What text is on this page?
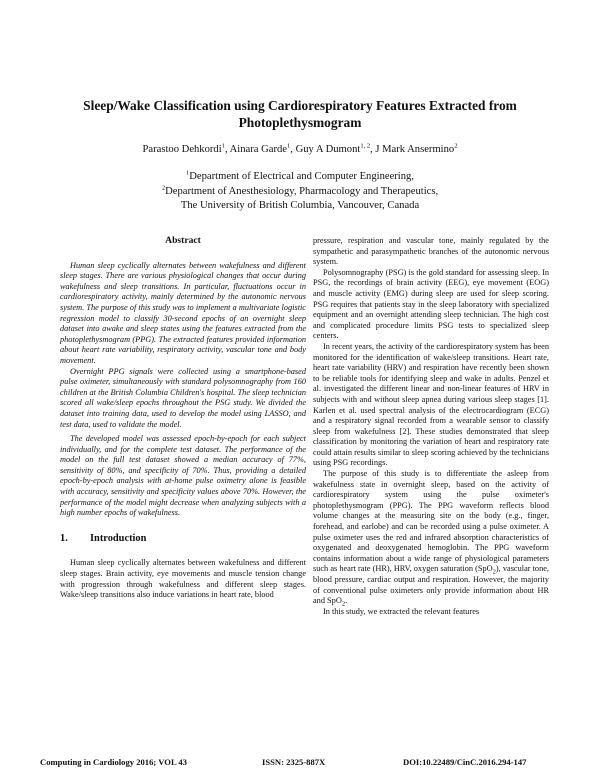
Sleep/Wake Classification using Cardiorespiratory Features Extracted from Photoplethysmogram
Parastoo Dehkordi$^1$, Ainara Garde$^1$, Guy A Dumont$^{1, 2}$, J Mark Ansermino$^2$
$^1$Department of Electrical and Computer Engineering,
$^2$Department of Anesthesiology, Pharmacology and Therapeutics,
The University of British Columbia, Vancouver, Canada
Abstract

Human sleep cyclically alternates between wakefulness and different sleep stages. There are various physiological changes that occur during wakefulness and sleep transitions. In particular, fluctuations occur in cardiorespiratory activity, mainly determined by the autonomic nervous system. The purpose of this study was to implement a multivariate logistic regression model to classify 30-second epochs of an overnight sleep dataset into awake and sleep states using the features extracted from the photoplethysmogram (PPG). The extracted features provided information about heart rate variability, respiratory activity, vascular tone and body movement.

Overnight PPG signals were collected using a smartphone-based pulse oximeter, simultaneously with standard polysomnography from 160 children at the British Columbia Children's hospital. The sleep technician scored all wake/sleep epochs throughout the PSG study. We divided the dataset into training data, used to develop the model using LASSO, and test data, used to validate the model.

The developed model was assessed epoch-by-epoch for each subject individually, and for the complete test dataset. The performance of the model on the full test dataset showed a median accuracy of 77%, sensitivity of 80%, and specificity of 70%. Thus, providing a detailed epoch-by-epoch analysis with at-home pulse oximetry alone is feasible with accuracy, sensitivity and specificity values above 70%. However, the performance of the model might decrease when analyzing subjects with a high number epochs of wakefulness.

1. Introduction

Human sleep cyclically alternates between wakefulness and different sleep stages. Brain activity, eye movements and muscle tension change with progression through wakefulness and different sleep stages. Wake/sleep transitions also induce variations in heart rate, blood

pressure, respiration and vascular tone, mainly regulated by the sympathetic and parasympathetic branches of the autonomic nervous system.

Polysomnography (PSG) is the gold standard for assessing sleep. In PSG, the recordings of brain activity (EEG), eye movement (EOG) and muscle activity (EMG) during sleep are used for sleep scoring. PSG requires that patients stay in the sleep laboratory with specialized equipment and an overnight attending sleep technician. The high cost and complicated procedure limits PSG tests to specialized sleep centers.

In recent years, the activity of the cardiorespiratory system has been monitored for the identification of wake/sleep transitions. Heart rate, heart rate variability (HRV) and respiration have recently been shown to be reliable tools for identifying sleep and wake in adults. Penzel et al. investigated the different linear and non-linear features of HRV in subjects with and without sleep apnea during various sleep stages [1]. Karlen et al. used spectral analysis of the electrocardiogram (ECG) and a respiratory signal recorded from a wearable sensor to classify sleep from wakefulness [2]. These studies demonstrated that sleep classification by monitoring the variation of heart and respiratory rate could attain results similar to sleep scoring achieved by the technicians using PSG recordings.

The purpose of this study is to differentiate the asleep from wakefulness state in overnight sleep, based on the activity of cardiorespiratory system using the pulse oximeter's photoplethysmogram (PPG). The PPG waveform reflects blood volume changes at the measuring site on the body (e.g., finger, forehead, and earlobe) and can be recorded using a pulse oximeter. A pulse oximeter uses the red and infrared absorption characteristics of oxygenated and deoxygenated hemoglobin. The PPG waveform contains information about a wide range of physiological parameters such as heart rate (HR), HRV, oxygen saturation (SpO$_2$), vascular tone, blood pressure, cardiac output and respiration. However, the majority of conventional pulse oximeters only provide information about HR and SpO$_2$.

In this study, we extracted the relevant features

Computing in Cardiology 2016; VOL 43	ISSN: 2325-887X	DOI:10.22489/CinC.2016.294-147
